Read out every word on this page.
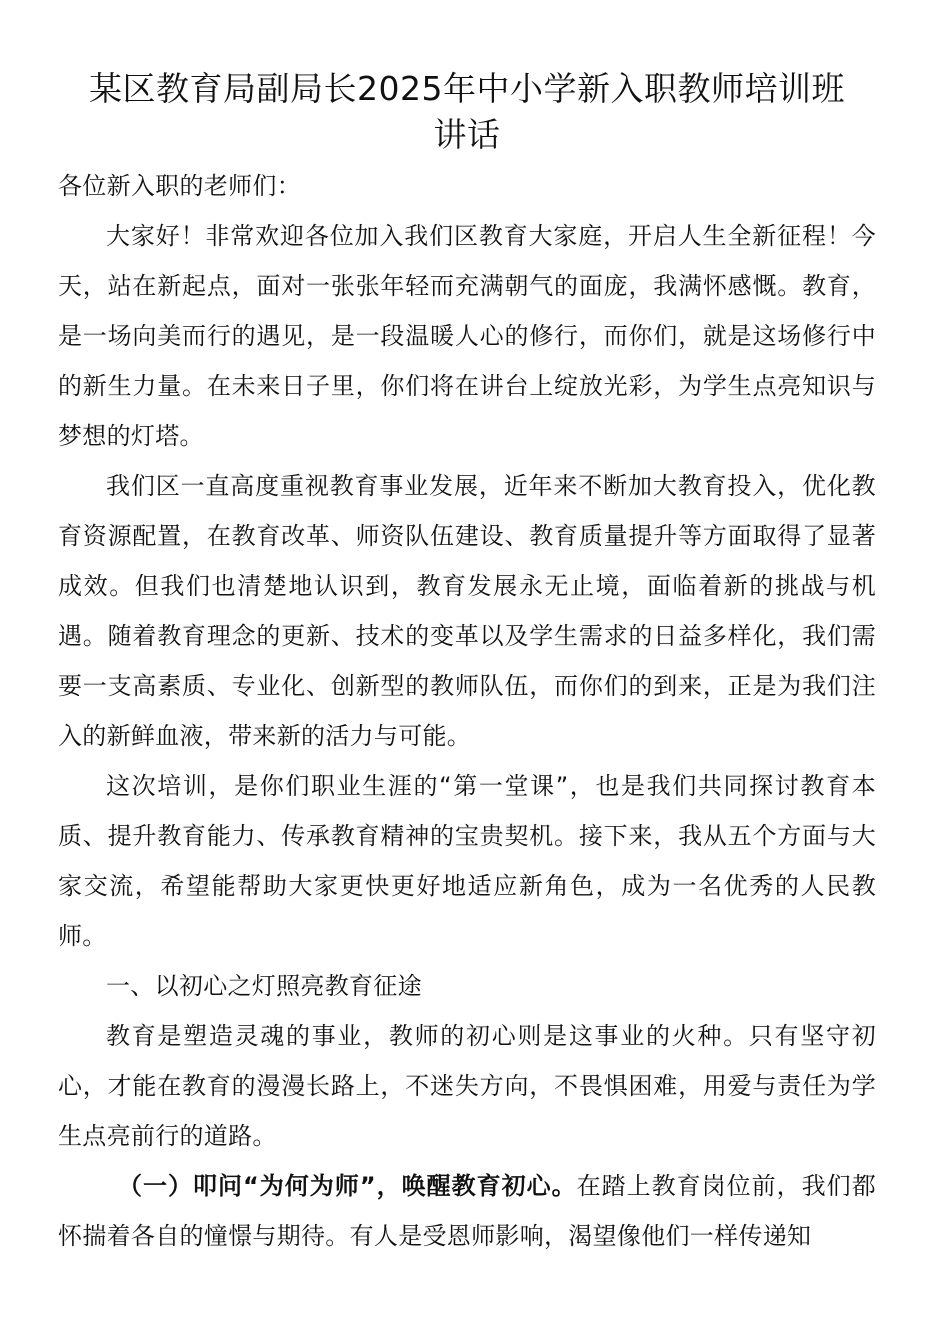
某区教育局副局长2025年中小学新入职教师培训班
讲话

各位新入职的老师们：

大家好！非常欢迎各位加入我们区教育大家庭，开启人生全新征程！今天，站在新起点，面对一张张年轻而充满朝气的面庞，我满怀感慨。教育，是一场向美而行的遇见，是一段温暖人心的修行，而你们，就是这场修行中的新生力量。在未来日子里，你们将在讲台上绽放光彩，为学生点亮知识与梦想的灯塔。

我们区一直高度重视教育事业发展，近年来不断加大教育投入，优化教育资源配置，在教育改革、师资队伍建设、教育质量提升等方面取得了显著成效。但我们也清楚地认识到，教育发展永无止境，面临着新的挑战与机遇。随着教育理念的更新、技术的变革以及学生需求的日益多样化，我们需要一支高素质、专业化、创新型的教师队伍，而你们的到来，正是为我们注入的新鲜血液，带来新的活力与可能。

这次培训，是你们职业生涯的“第一堂课”，也是我们共同探讨教育本质、提升教育能力、传承教育精神的宝贵契机。接下来，我从五个方面与大家交流，希望能帮助大家更快更好地适应新角色，成为一名优秀的人民教师。

一、以初心之灯照亮教育征途

教育是塑造灵魂的事业，教师的初心则是这事业的火种。只有坚守初心，才能在教育的漫漫长路上，不迷失方向，不畏惧困难，用爱与责任为学生点亮前行的道路。

（一）叩问“为何为师”，唤醒教育初心。在踏上教育岗位前，我们都怀揣着各自的憧憬与期待。有人是受恩师影响，渴望像他们一样传递知
